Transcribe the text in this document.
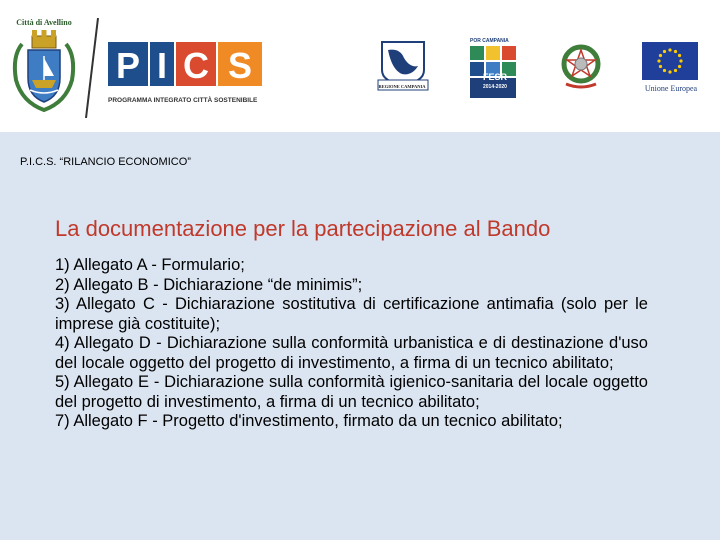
Città di Avellino
P I C S
PROGRAMMA INTEGRATO CITTÀ SOSTENIBILE
REGIONE CAMPANIA
POR CAMPANIA
FESR
2014-2020	Unione Europea
P.I.C.S. “RILANCIO ECONOMICO”
La documentazione per la partecipazione al Bando
1) Allegato A - Formulario;
2) Allegato B - Dichiarazione “de minimis”;
3) Allegato C - Dichiarazione sostitutiva di certificazione antimafia (solo per le imprese già costituite);
4) Allegato D - Dichiarazione sulla conformità urbanistica e di destinazione d'uso del locale oggetto del progetto di investimento, a firma di un tecnico abilitato;
5) Allegato E - Dichiarazione sulla conformità igienico-sanitaria del locale oggetto del progetto di investimento, a firma di un tecnico abilitato;
7) Allegato F - Progetto d'investimento, firmato da un tecnico abilitato;
